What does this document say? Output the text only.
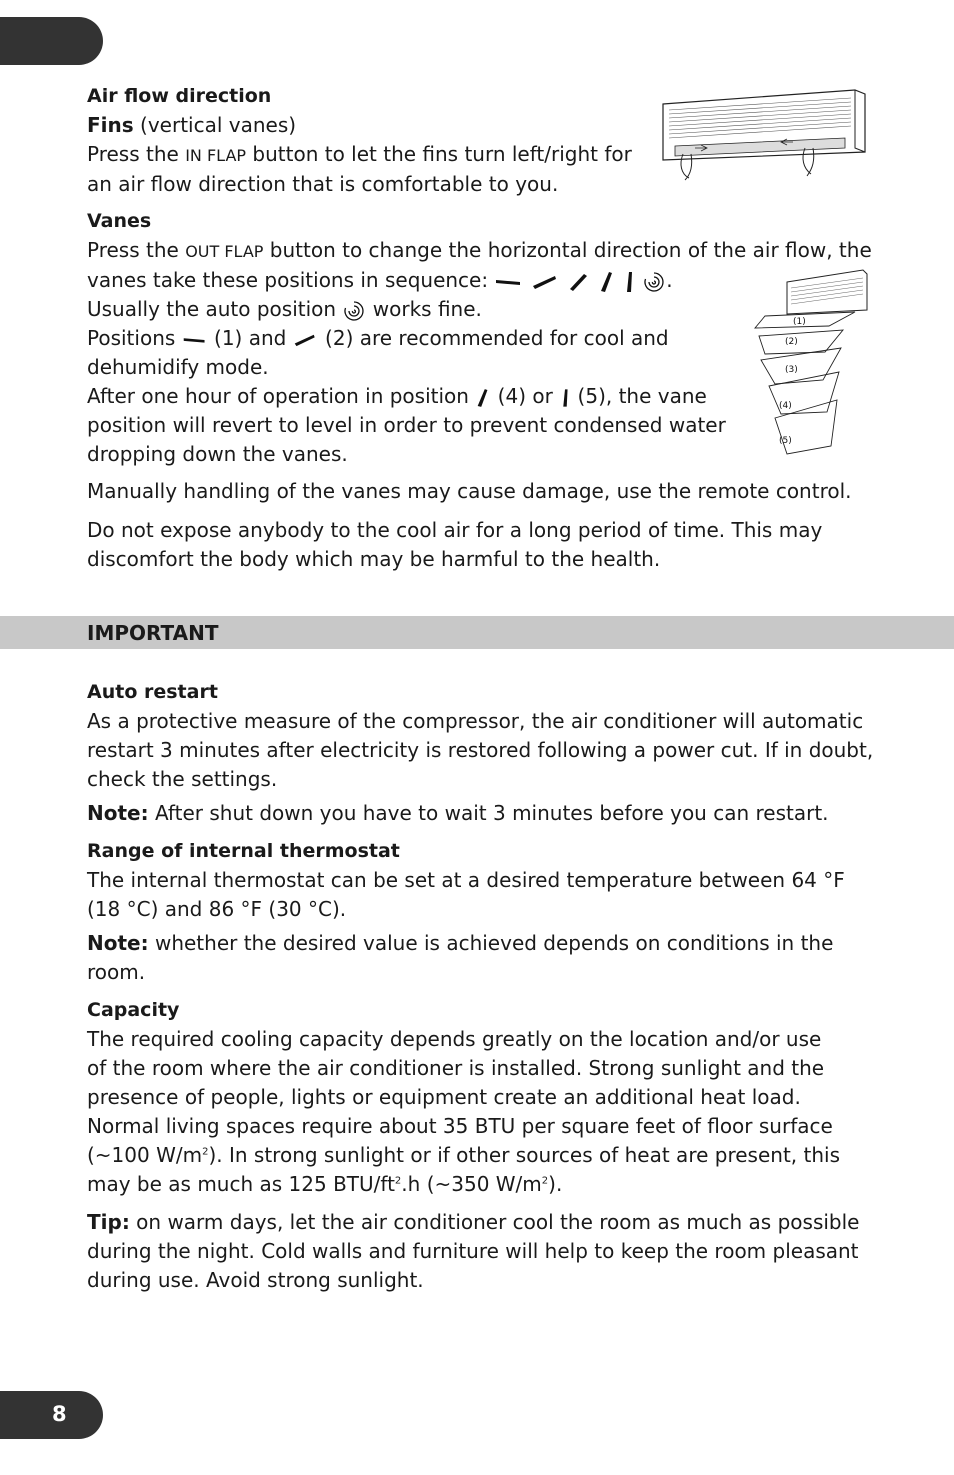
8
Air flow direction
Fins (vertical vanes)
Press the IN FLAP button to let the fins turn left/right for
an air flow direction that is comfortable to you.
Vanes
Press the OUT FLAP button to change the horizontal direction of the air flow, the
vanes take these positions in sequence:	.
Usually the auto position  works fine.
Positions  (1) and  (2) are recommended for cool and
dehumidify mode.
After one hour of operation in position  (4) or  (5), the vane
position will revert to level in order to prevent condensed water
dropping down the vanes.
Manually handling of the vanes may cause damage, use the remote control.
Do not expose anybody to the cool air for a long period of time. This may
discomfort the body which may be harmful to the health.
(1)
(2)
(3)
(4)
(5)
IMPORTANT
Auto restart
As a protective measure of the compressor, the air conditioner will automatic
restart 3 minutes after electricity is restored following a power cut. If in doubt,
check the settings.
Note: After shut down you have to wait 3 minutes before you can restart.
Range of internal thermostat
The internal thermostat can be set at a desired temperature between 64 °F
(18 °C) and 86 °F (30 °C).
Note: whether the desired value is achieved depends on conditions in the
room.
Capacity
The required cooling capacity depends greatly on the location and/or use
of the room where the air conditioner is installed. Strong sunlight and the
presence of people, lights or equipment create an additional heat load.
Normal living spaces require about 35 BTU per square feet of floor surface
(~100 $W/m^2$). In strong sunlight or if other sources of heat are present, this
may be as much as 125 BTU/$ft^2.h$ (~350 $W/m^2$).
Tip: on warm days, let the air conditioner cool the room as much as possible
during the night. Cold walls and furniture will help to keep the room pleasant
during use. Avoid strong sunlight.
